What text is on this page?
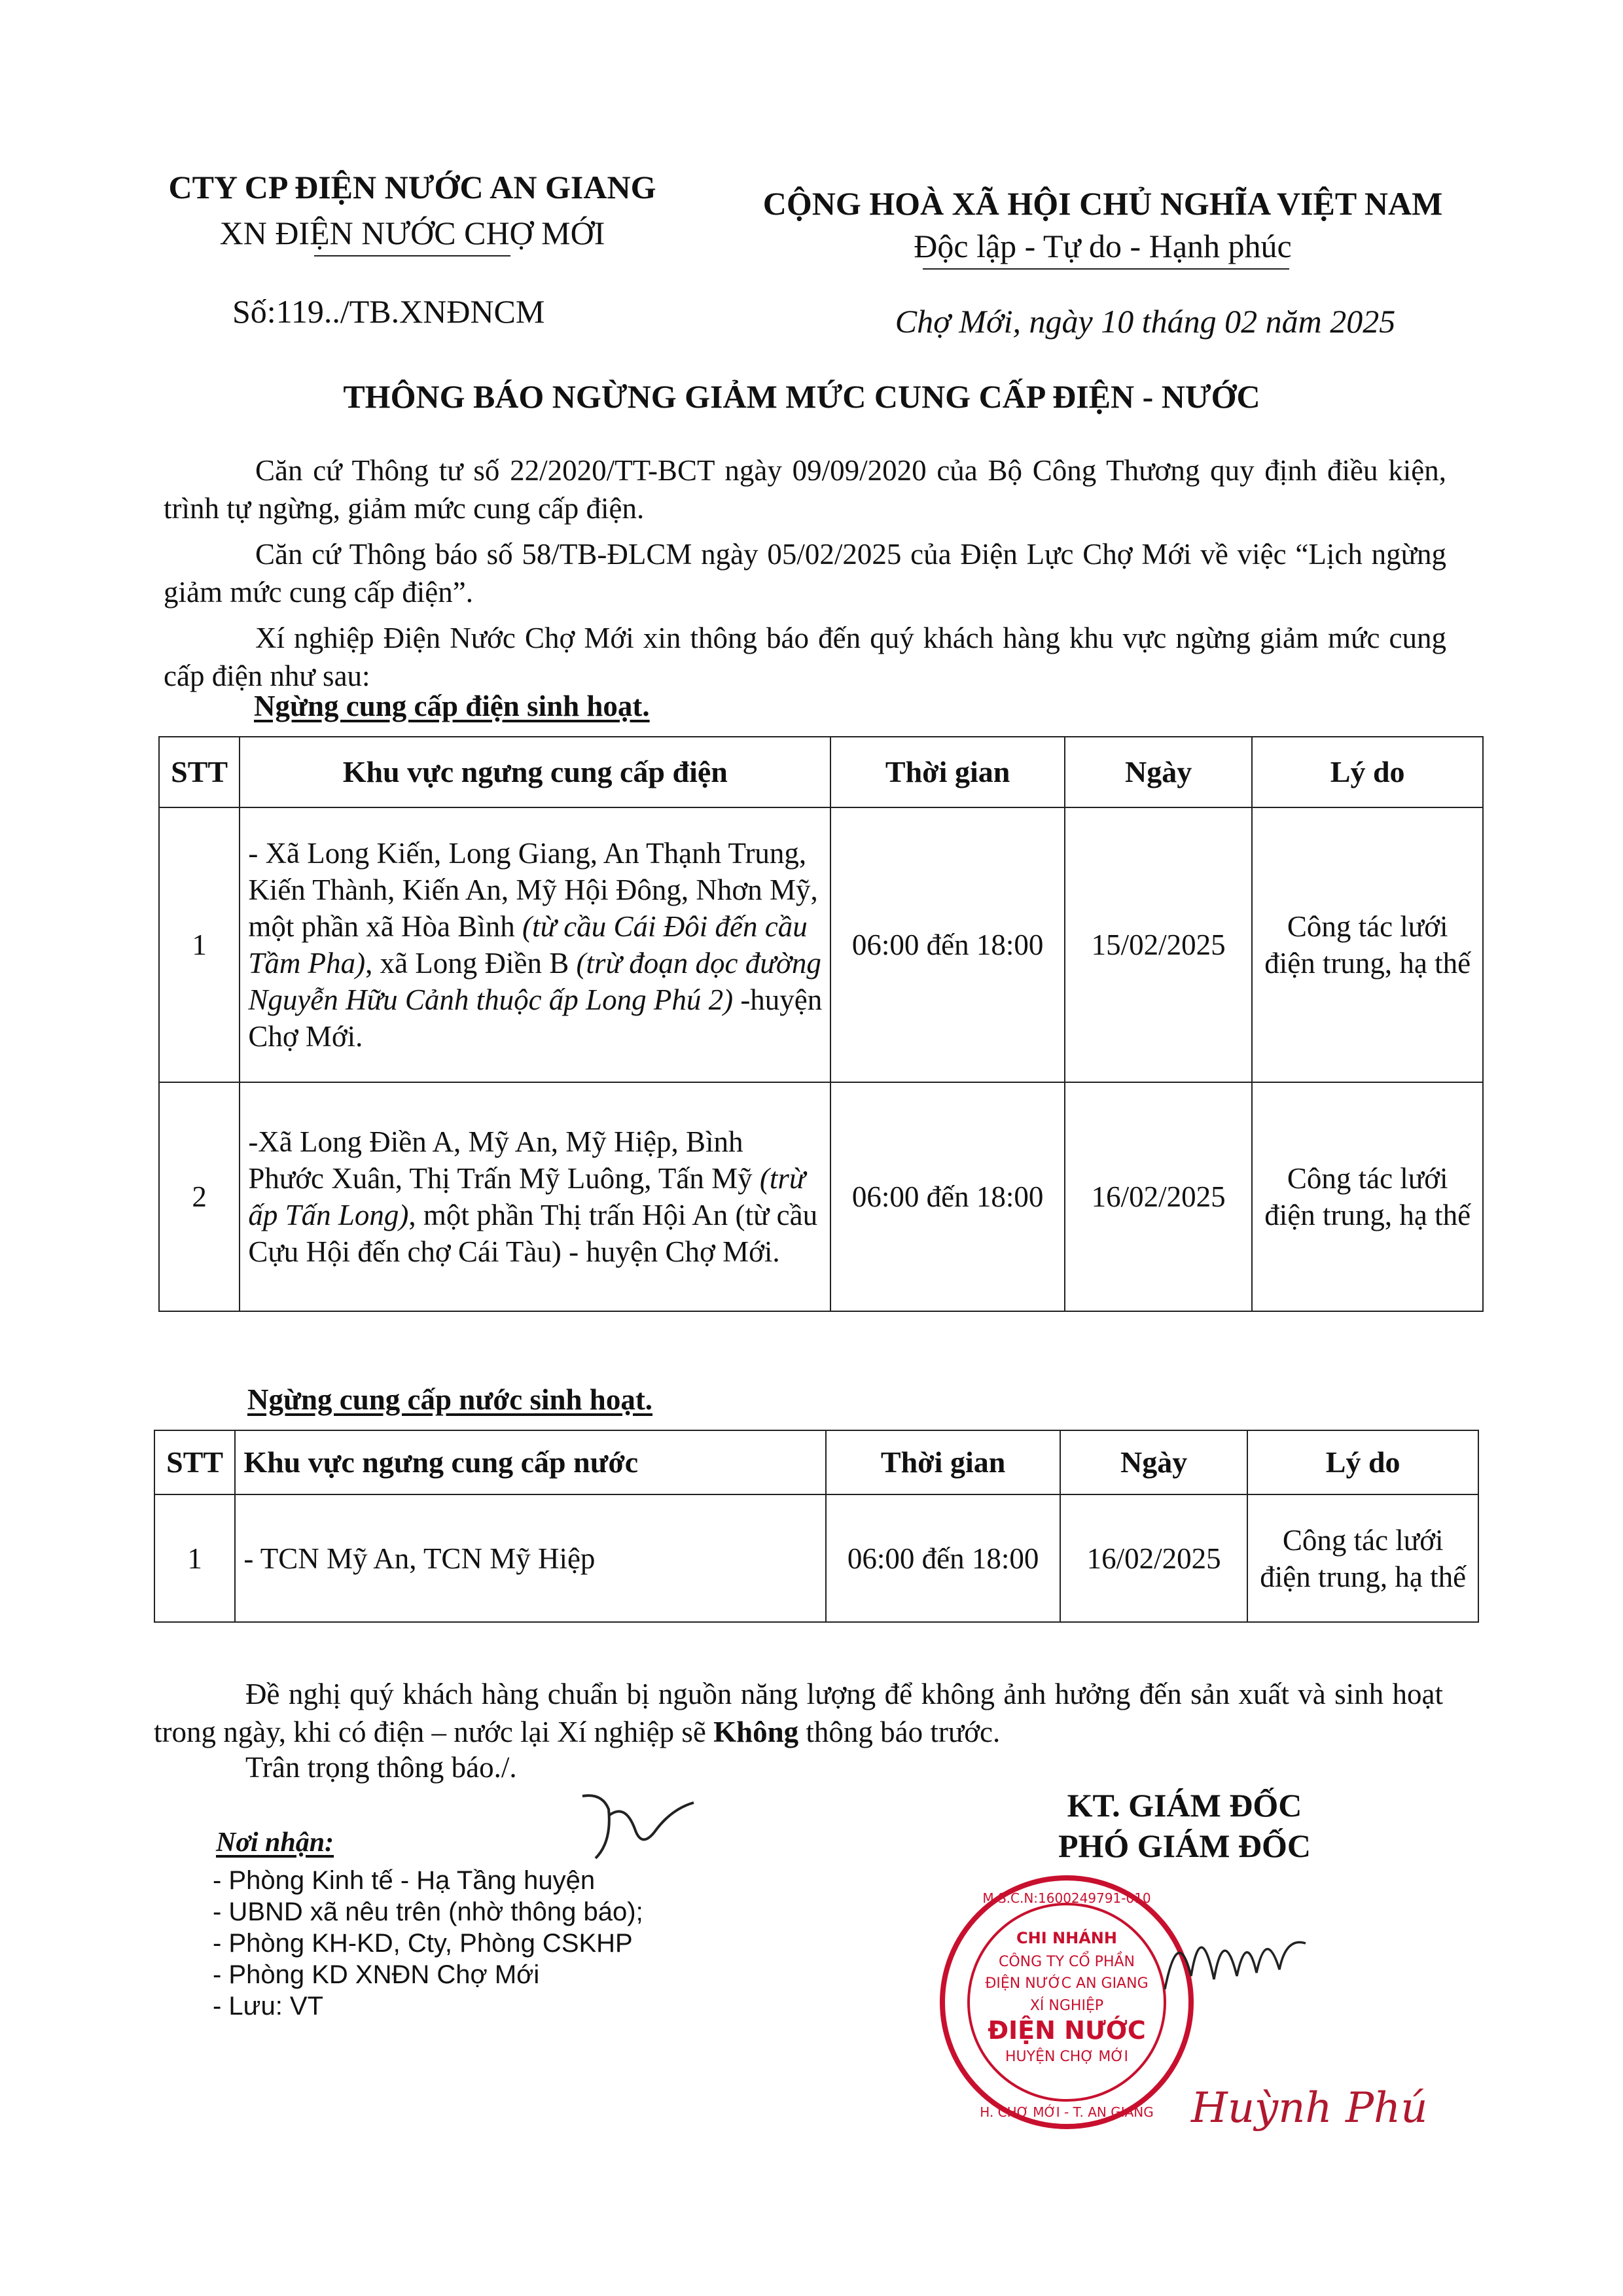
CTY CP ĐIỆN NƯỚC AN GIANG
XN ĐIỆN NƯỚC CHỢ MỚI
Số:119../TB.XNĐNCM
CỘNG HOÀ XÃ HỘI CHỦ NGHĨA VIỆT NAM
Độc lập - Tự do - Hạnh phúc
Chợ Mới, ngày 10 tháng 02 năm 2025
THÔNG BÁO NGỪNG GIẢM MỨC CUNG CẤP ĐIỆN - NƯỚC
Căn cứ Thông tư số 22/2020/TT-BCT ngày 09/09/2020 của Bộ Công Thương quy định điều kiện, trình tự ngừng, giảm mức cung cấp điện.
Căn cứ Thông báo số 58/TB-ĐLCM ngày 05/02/2025 của Điện Lực Chợ Mới về việc “Lịch ngừng giảm mức cung cấp điện”.
Xí nghiệp Điện Nước Chợ Mới xin thông báo đến quý khách hàng khu vực ngừng giảm mức cung cấp điện như sau:
Ngừng cung cấp điện sinh hoạt.
STT	Khu vực ngưng cung cấp điện	Thời gian	Ngày	Lý do
1	- Xã Long Kiến, Long Giang, An Thạnh Trung, Kiến Thành, Kiến An, Mỹ Hội Đông, Nhơn Mỹ, một phần xã Hòa Bình (từ cầu Cái Đôi đến cầu Tầm Pha), xã Long Điền B (trừ đoạn dọc đường Nguyễn Hữu Cảnh thuộc ấp Long Phú 2) -huyện Chợ Mới.	06:00 đến 18:00	15/02/2025	Công tác lưới điện trung, hạ thế
2	-Xã Long Điền A, Mỹ An, Mỹ Hiệp, Bình Phước Xuân, Thị Trấn Mỹ Luông, Tấn Mỹ (trừ ấp Tấn Long), một phần Thị trấn Hội An (từ cầu Cựu Hội đến chợ Cái Tàu) - huyện Chợ Mới.	06:00 đến 18:00	16/02/2025	Công tác lưới điện trung, hạ thế
Ngừng cung cấp nước sinh hoạt.
STT	Khu vực ngưng cung cấp nước	Thời gian	Ngày	Lý do
1	- TCN Mỹ An, TCN Mỹ Hiệp	06:00 đến 18:00	16/02/2025	Công tác lưới điện trung, hạ thế
Đề nghị quý khách hàng chuẩn bị nguồn năng lượng để không ảnh hưởng đến sản xuất và sinh hoạt trong ngày, khi có điện – nước lại Xí nghiệp sẽ Không thông báo trước.
Trân trọng thông báo./.
Nơi nhận:
- Phòng Kinh tế - Hạ Tầng huyện
- UBND xã nêu trên (nhờ thông báo);
- Phòng KH-KD, Cty, Phòng CSKHP
- Phòng KD XNĐN Chợ Mới
- Lưu: VT
KT. GIÁM ĐỐC
PHÓ GIÁM ĐỐC
CHI NHÁNH
CÔNG TY CỔ PHẦN
ĐIỆN NƯỚC AN GIANG
XÍ NGHIỆP
ĐIỆN NƯỚC
HUYỆN CHỢ MỚI
M.S.C.N:1600249791-010
H. CHỢ MỚI - T. AN GIANG Huỳnh Phú
